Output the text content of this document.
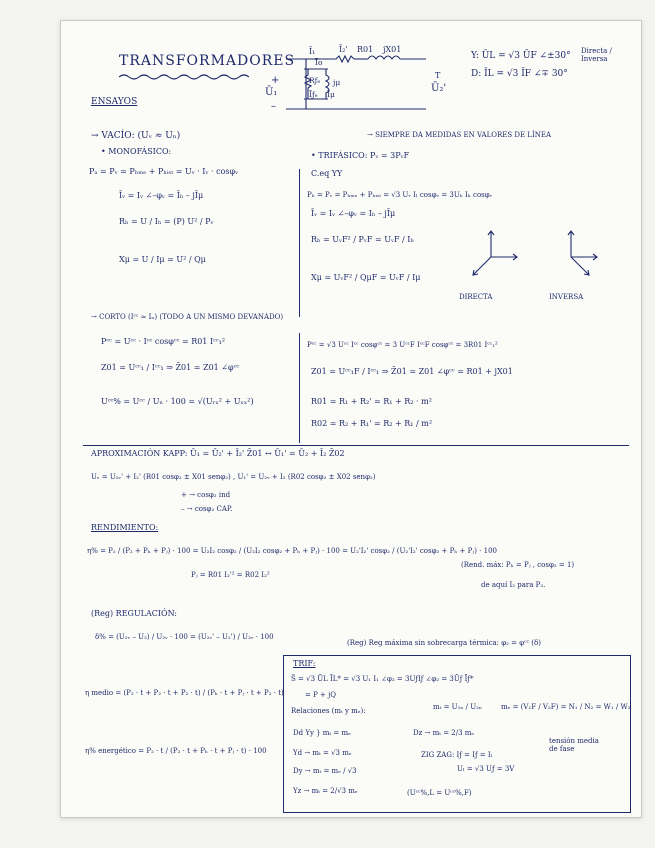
TRANSFORMADORES
Ī₁	Ī₂' R01 jX01
Rƒₑ jμ
Īƒₑ Īμ
Īo
+
Ū₁
–
T
Ū₂'
Y: ŪL = √3 ŪF ∠±30° Directa / Inversa
D: ĪL = √3 ĪF ∠∓ 30°
ENSAYOS
→ VACÍO: (Uᵥ ≈ Uₙ)
• MONOFÁSICO:
Pₐ = Pᵥ = Pₕₘₑ + Pₕᵢₛₜ = Uᵥ · Iᵥ · cosφᵥ
Īᵥ = Iᵥ ∠–φᵥ = Īₕ – jĪμ
Rₕ = U / Iₕ = (P) U² / Pᵥ
Xμ = U / Iμ = U² / Qμ
→ SIEMPRE DA MEDIDAS EN VALORES DE LÍNEA
• TRIFÁSICO: Pᵥ = 3PᵥF
C.eq YY
Pₕ = Pᵥ = Pₕₘₑ + Pₕᵢₛₜ = √3 Uᵥ Iₗ cosφᵥ = 3Uₕ Iₕ cosφᵥ
Īᵥ = Iᵥ ∠–φᵥ = Iₕ – jĪμ
Rₕ = UᵥF² / PᵥF = UᵥF / Iₕ
Xμ = UᵥF² / QμF = UᵥF / Iμ
DIRECTA	INVERSA
→ CORTO (Iᶜᶜ ≈ Iₙ) (TODO A UN MISMO DEVANADO)
Pᶜᶜ = Uᶜᶜ · Iᶜᶜ cosφᶜᶜ = R01 Iᶜᶜ₁²
Z01 = Uᶜᶜ₁ / Iᶜᶜ₁ ⇒ Z̄01 = Z01 ∠φᶜᶜ
Uᶜᶜ% = Uᶜᶜ / Uₙ · 100 = √(Uᵣₓ² + Uₓₓ²)
Pᶜᶜ = √3 Uᶜᶜ Iᶜᶜ cosφᶜᶜ = 3 UᶜᶜF IᶜᶜF cosφᶜᶜ = 3R01 Iᶜᶜ₁²
Z01 = Uᶜᶜ₁F / Iᶜᶜ₁ ⇒ Z̄01 = Z01 ∠φᶜᶜ = R01 + jX01
R01 = R₁ + R₂' = R₁ + R₂ · m²
R02 = R₂ + R₁' = R₂ + R₁ / m²
APROXIMACIÓN KAPP: Ū₁ = Ū₂' + Ī₂' Z̄01 ↔ Ū₁' = Ū₂ + Ī₂ Z̄02
Uᵥ = U₂ᵥ' + I₂' (R01 cosφ₂ ± X01 senφ₂) , U₁' = U₂ᵥ + I₂ (R02 cosφ₂ ± X02 senφ₂)
+ → cosφ₂ ind
– → cosφ₂ CAP.
RENDIMIENTO:
η% = P₂ / (P₂ + Pₕ + Pⱼ) · 100 = U₂I₂ cosφ₂ / (U₂I₂ cosφ₂ + Pₕ + Pⱼ) · 100 = U₂'I₂' cosφ₂ / (U₂'I₂' cosφ₂ + Pₕ + Pⱼ) · 100
Pⱼ = R01 I₂'² = R02 I₂²
(Rend. máx: Pₕ = Pⱼ , cosφ₂ = 1)
de aquí I₂ para P₂.
(Reg) REGULACIÓN:
δ% = (U₂ᵥ – U₂) / U₂ᵥ · 100 = (U₂ᵥ' – U₂') / U₂ᵥ · 100
(Reg) Reg máxima sin sobrecarga térmica: φ₂ = φᶜᶜ (δ)
η medio = (P₂ · t + P₂ · t + P₂ · t) / (Pₕ · t + Pⱼ · t + P₂ · t)
η% energético = P₂ · t / (P₂ · t + Pₕ · t + Pⱼ · t) · 100
TRIF:
S̄ = √3 ŪL ĪL* = √3 U₁ I₁ ∠φ₂ = 3UƒIƒ ∠φ₂ = 3Ūƒ Īƒ*
= P + jQ
Relaciones (mₜ y mₑ):	mₜ = U₁ₙ / U₂ₙ	mₑ = (V₁F / V₂F) = N₁ / N₂ = W₁ / W₂
Dd Yy } mₜ = mₑ	Dz → mₜ = 2/3 mₑ
Yd → mₜ = √3 mₑ
Dy → mₜ = mₑ / √3
Yz → mₜ = 2/√3 mₑ
ZIG ZAG: Iƒ = Iƒ = Iₗ
Uₗ = √3 Uƒ = 3V
tensión media de fase
(Uᶜᶜ%,L = Uᶜᶜ%,F)
